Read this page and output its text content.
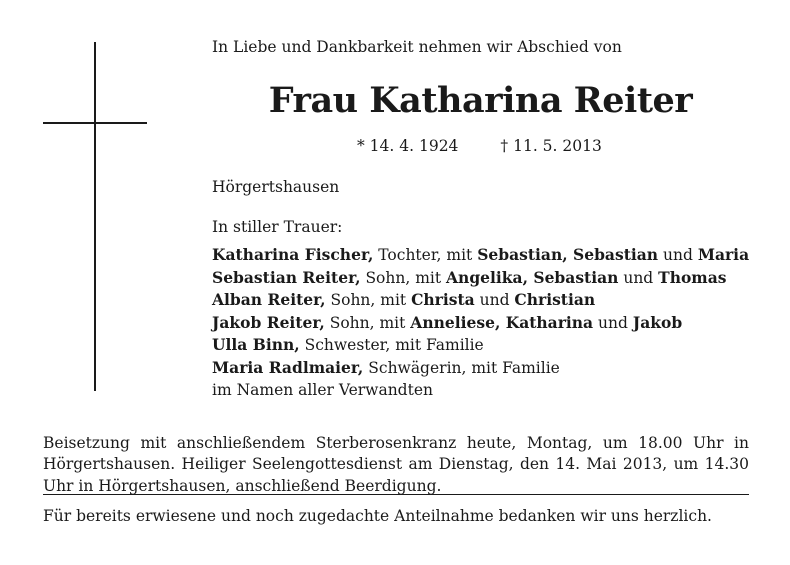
In Liebe und Dankbarkeit nehmen wir Abschied von

Frau Katharina Reiter

* 14. 4. 1924	† 11. 5. 2013

Hörgertshausen

In stiller Trauer:

Katharina Fischer, Tochter, mit Sebastian, Sebastian und Maria
Sebastian Reiter, Sohn, mit Angelika, Sebastian und Thomas
Alban Reiter, Sohn, mit Christa und Christian
Jakob Reiter, Sohn, mit Anneliese, Katharina und Jakob
Ulla Binn, Schwester, mit Familie
Maria Radlmaier, Schwägerin, mit Familie
im Namen aller Verwandten

Beisetzung mit anschließendem Sterberosenkranz heute, Montag, um 18.00 Uhr in Hörgertshausen. Heiliger Seelengottesdienst am Dienstag, den 14. Mai 2013, um 14.30 Uhr in Hörgertshausen, anschließend Beerdigung.

Für bereits erwiesene und noch zugedachte Anteilnahme bedanken wir uns herzlich.
